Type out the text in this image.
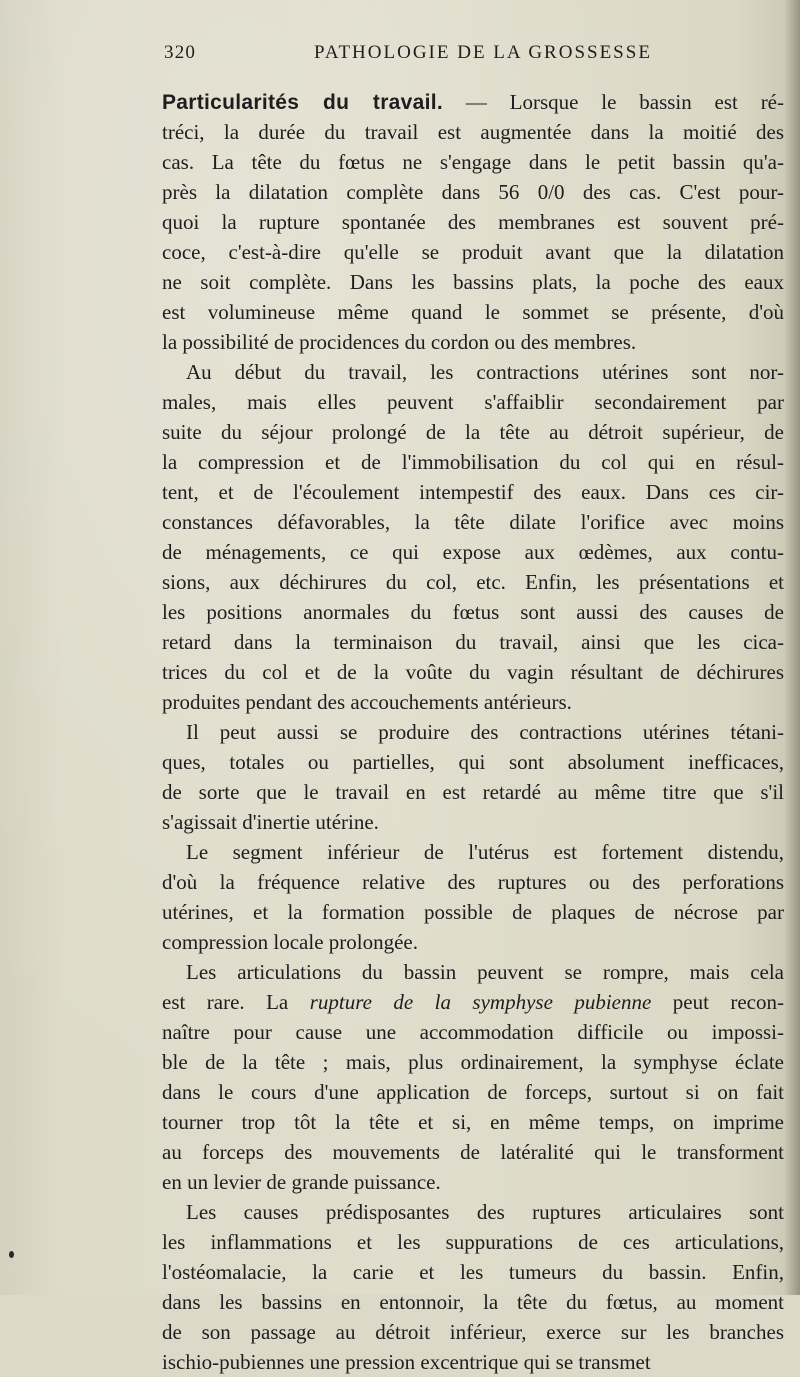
320	PATHOLOGIE DE LA GROSSESSE
Particularités du travail. — Lorsque le bassin est ré-
tréci, la durée du travail est augmentée dans la moitié des
cas. La tête du fœtus ne s'engage dans le petit bassin qu'a-
près la dilatation complète dans 56 0/0 des cas. C'est pour-
quoi la rupture spontanée des membranes est souvent pré-
coce, c'est-à-dire qu'elle se produit avant que la dilatation
ne soit complète. Dans les bassins plats, la poche des eaux
est volumineuse même quand le sommet se présente, d'où
la possibilité de procidences du cordon ou des membres.
Au début du travail, les contractions utérines sont nor-
males, mais elles peuvent s'affaiblir secondairement par
suite du séjour prolongé de la tête au détroit supérieur, de
la compression et de l'immobilisation du col qui en résul-
tent, et de l'écoulement intempestif des eaux. Dans ces cir-
constances défavorables, la tête dilate l'orifice avec moins
de ménagements, ce qui expose aux œdèmes, aux contu-
sions, aux déchirures du col, etc. Enfin, les présentations et
les positions anormales du fœtus sont aussi des causes de
retard dans la terminaison du travail, ainsi que les cica-
trices du col et de la voûte du vagin résultant de déchirures
produites pendant des accouchements antérieurs.
Il peut aussi se produire des contractions utérines tétani-
ques, totales ou partielles, qui sont absolument inefficaces,
de sorte que le travail en est retardé au même titre que s'il
s'agissait d'inertie utérine.
Le segment inférieur de l'utérus est fortement distendu,
d'où la fréquence relative des ruptures ou des perforations
utérines, et la formation possible de plaques de nécrose par
compression locale prolongée.
Les articulations du bassin peuvent se rompre, mais cela
est rare. La rupture de la symphyse pubienne peut recon-
naître pour cause une accommodation difficile ou impossi-
ble de la tête ; mais, plus ordinairement, la symphyse éclate
dans le cours d'une application de forceps, surtout si on fait
tourner trop tôt la tête et si, en même temps, on imprime
au forceps des mouvements de latéralité qui le transforment
en un levier de grande puissance.
Les causes prédisposantes des ruptures articulaires sont
les inflammations et les suppurations de ces articulations,
l'ostéomalacie, la carie et les tumeurs du bassin. Enfin,
dans les bassins en entonnoir, la tête du fœtus, au moment
de son passage au détroit inférieur, exerce sur les branches
ischio-pubiennes une pression excentrique qui se transmet
